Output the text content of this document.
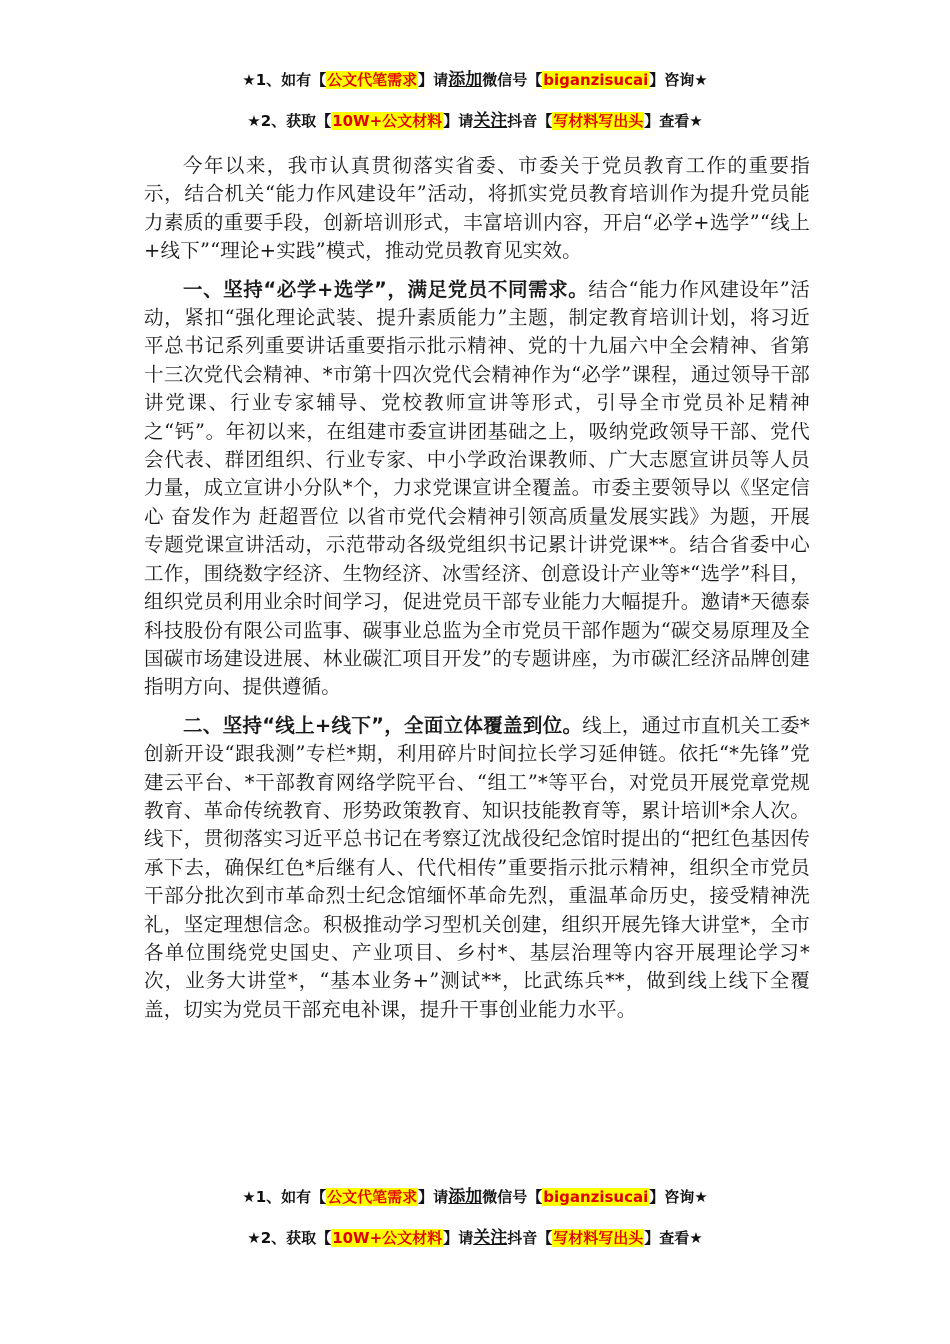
★1、如有【公文代笔需求】请添加微信号【biganzisucai】咨询★
★2、获取【10W+公文材料】请关注抖音【写材料写出头】查看★

今年以来，我市认真贯彻落实省委、市委关于党员教育工作的重要指示，结合机关“能力作风建设年”活动，将抓实党员教育培训作为提升党员能力素质的重要手段，创新培训形式，丰富培训内容，开启“必学+选学”“线上+线下”“理论+实践”模式，推动党员教育见实效。

一、坚持“必学+选学”，满足党员不同需求。结合“能力作风建设年”活动，紧扣“强化理论武装、提升素质能力”主题，制定教育培训计划，将习近平总书记系列重要讲话重要指示批示精神、党的十九届六中全会精神、省第十三次党代会精神、*市第十四次党代会精神作为“必学”课程，通过领导干部讲党课、行业专家辅导、党校教师宣讲等形式，引导全市党员补足精神之“钙”。年初以来，在组建市委宣讲团基础之上，吸纳党政领导干部、党代会代表、群团组织、行业专家、中小学政治课教师、广大志愿宣讲员等人员力量，成立宣讲小分队*个，力求党课宣讲全覆盖。市委主要领导以《坚定信心 奋发作为 赶超晋位 以省市党代会精神引领高质量发展实践》为题，开展专题党课宣讲活动，示范带动各级党组织书记累计讲党课**。结合省委中心工作，围绕数字经济、生物经济、冰雪经济、创意设计产业等*“选学”科目，组织党员利用业余时间学习，促进党员干部专业能力大幅提升。邀请*天德泰科技股份有限公司监事、碳事业总监为全市党员干部作题为“碳交易原理及全国碳市场建设进展、林业碳汇项目开发”的专题讲座，为市碳汇经济品牌创建指明方向、提供遵循。

二、坚持“线上+线下”，全面立体覆盖到位。线上，通过市直机关工委*创新开设“跟我测”专栏*期，利用碎片时间拉长学习延伸链。依托“*先锋”党建云平台、*干部教育网络学院平台、“组工”*等平台，对党员开展党章党规教育、革命传统教育、形势政策教育、知识技能教育等，累计培训*余人次。线下，贯彻落实习近平总书记在考察辽沈战役纪念馆时提出的“把红色基因传承下去，确保红色*后继有人、代代相传”重要指示批示精神，组织全市党员干部分批次到市革命烈士纪念馆缅怀革命先烈，重温革命历史，接受精神洗礼，坚定理想信念。积极推动学习型机关创建，组织开展先锋大讲堂*，全市各单位围绕党史国史、产业项目、乡村*、基层治理等内容开展理论学习*次，业务大讲堂*，“基本业务+”测试**，比武练兵**，做到线上线下全覆盖，切实为党员干部充电补课，提升干事创业能力水平。

★1、如有【公文代笔需求】请添加微信号【biganzisucai】咨询★
★2、获取【10W+公文材料】请关注抖音【写材料写出头】查看★
